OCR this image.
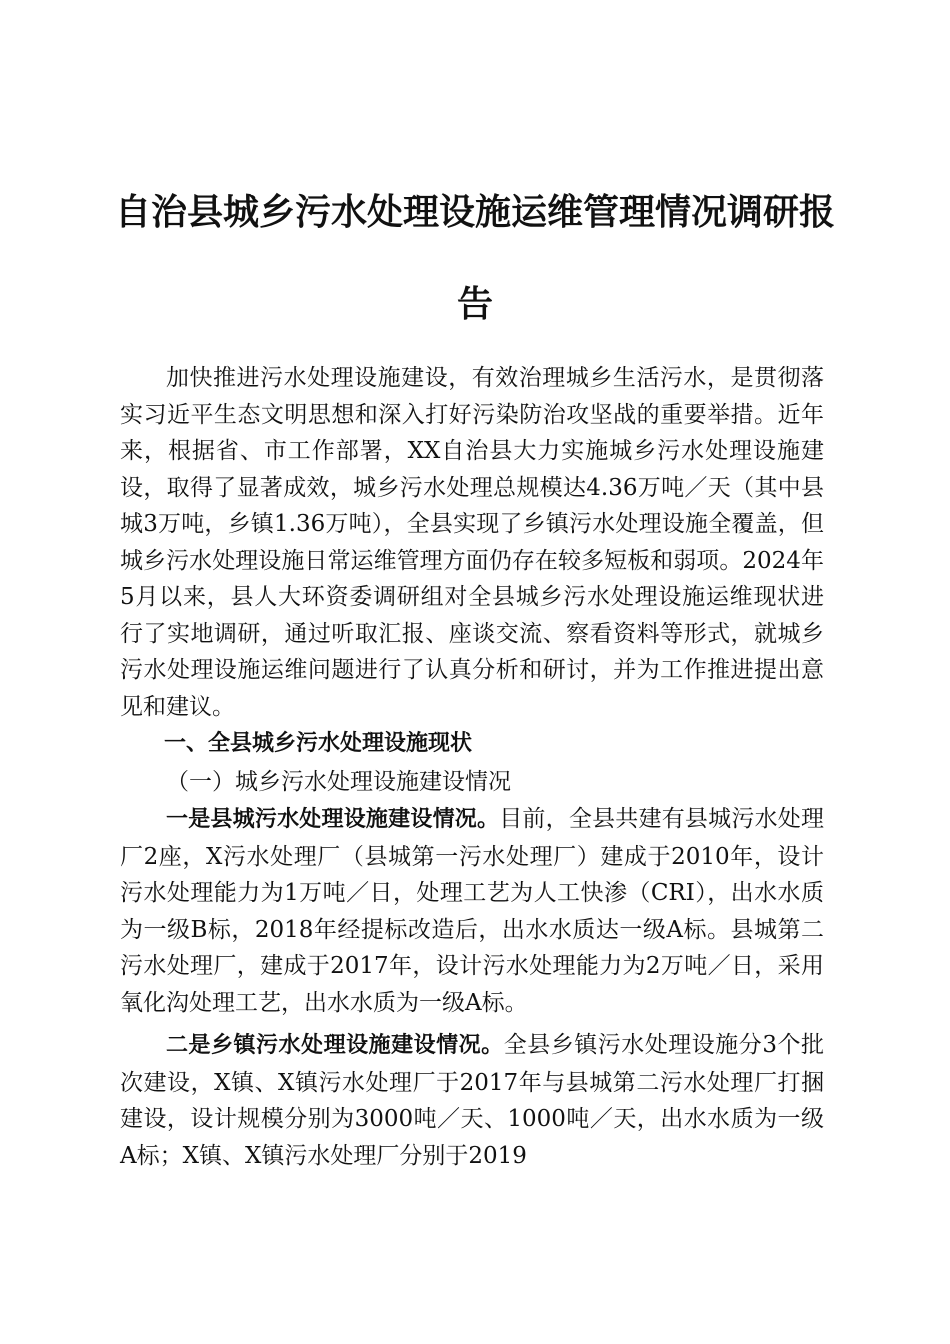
自治县城乡污水处理设施运维管理情况调研报告

加快推进污水处理设施建设，有效治理城乡生活污水，是贯彻落实习近平生态文明思想和深入打好污染防治攻坚战的重要举措。近年来，根据省、市工作部署，XX自治县大力实施城乡污水处理设施建设，取得了显著成效，城乡污水处理总规模达4.36万吨／天（其中县城3万吨，乡镇1.36万吨），全县实现了乡镇污水处理设施全覆盖，但城乡污水处理设施日常运维管理方面仍存在较多短板和弱项。2024年5月以来，县人大环资委调研组对全县城乡污水处理设施运维现状进行了实地调研，通过听取汇报、座谈交流、察看资料等形式，就城乡污水处理设施运维问题进行了认真分析和研讨，并为工作推进提出意见和建议。

一、全县城乡污水处理设施现状

（一）城乡污水处理设施建设情况

一是县城污水处理设施建设情况。目前，全县共建有县城污水处理厂2座，X污水处理厂（县城第一污水处理厂）建成于2010年，设计污水处理能力为1万吨／日，处理工艺为人工快渗（CRI），出水水质为一级B标，2018年经提标改造后，出水水质达一级A标。县城第二污水处理厂，建成于2017年，设计污水处理能力为2万吨／日，采用氧化沟处理工艺，出水水质为一级A标。

二是乡镇污水处理设施建设情况。全县乡镇污水处理设施分3个批次建设，X镇、X镇污水处理厂于2017年与县城第二污水处理厂打捆建设，设计规模分别为3000吨／天、1000吨／天，出水水质为一级A标；X镇、X镇污水处理厂分别于2019
